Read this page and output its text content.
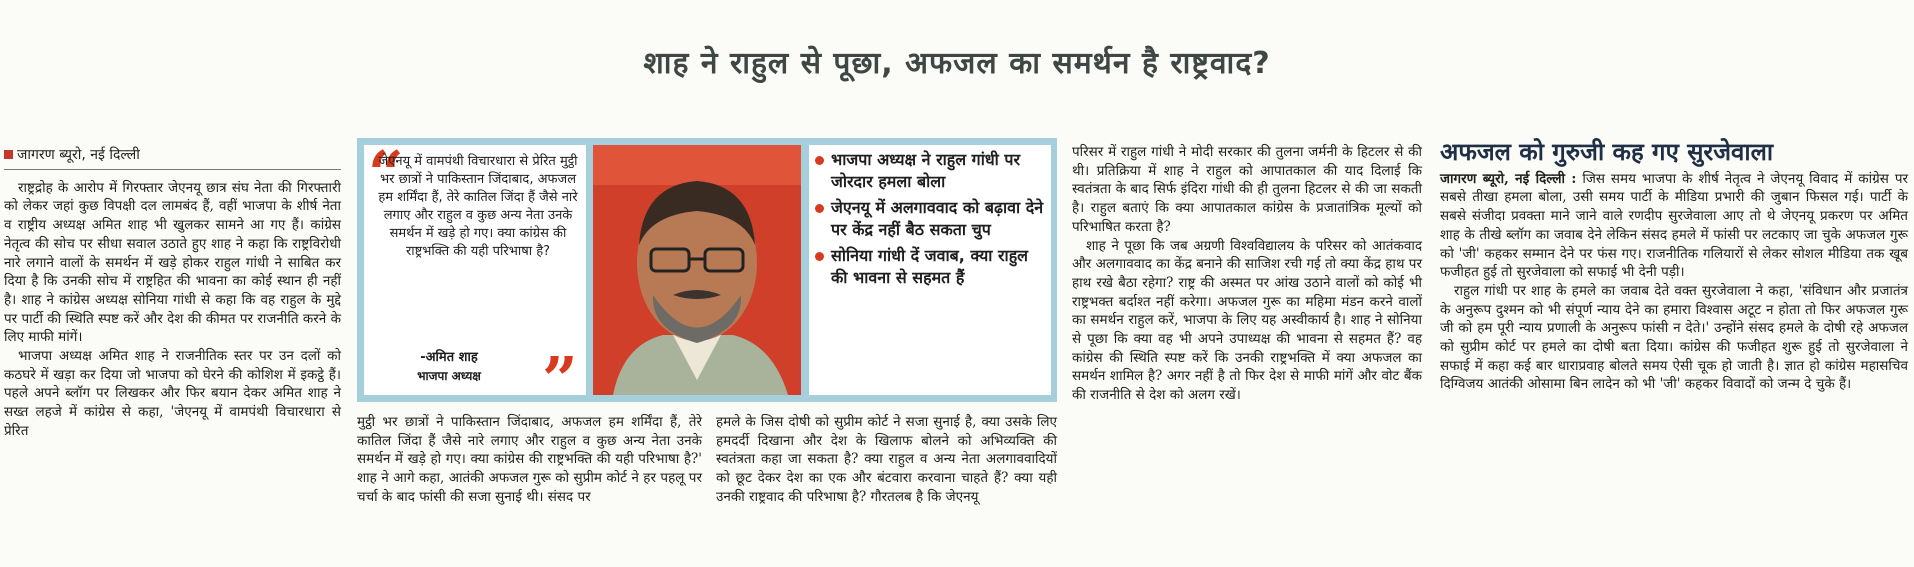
शाह ने राहुल से पूछा, अफजल का समर्थन है राष्ट्रवाद?
जागरण ब्यूरो, नई दिल्ली

राष्ट्रद्रोह के आरोप में गिरफ्तार जेएनयू छात्र संघ नेता की गिरफ्तारी को लेकर जहां कुछ विपक्षी दल लामबंद हैं, वहीं भाजपा के शीर्ष नेता व राष्ट्रीय अध्यक्ष अमित शाह भी खुलकर सामने आ गए हैं। कांग्रेस नेतृत्व की सोच पर सीधा सवाल उठाते हुए शाह ने कहा कि राष्ट्रविरोधी नारे लगाने वालों के समर्थन में खड़े होकर राहुल गांधी ने साबित कर दिया है कि उनकी सोच में राष्ट्रहित की भावना का कोई स्थान ही नहीं है। शाह ने कांग्रेस अध्यक्ष सोनिया गांधी से कहा कि वह राहुल के मुद्दे पर पार्टी की स्थिति स्पष्ट करें और देश की कीमत पर राजनीति करने के लिए माफी मांगें।

भाजपा अध्यक्ष अमित शाह ने राजनीतिक स्तर पर उन दलों को कठघरे में खड़ा कर दिया जो भाजपा को घेरने की कोशिश में इकट्ठे हैं। पहले अपने ब्लॉग पर लिखकर और फिर बयान देकर अमित शाह ने सख्त लहजे में कांग्रेस से कहा, 'जेएनयू में वामपंथी विचारधारा से प्रेरित

“
जेएनयू में वामपंथी विचारधारा से प्रेरित मुट्ठी भर छात्रों ने पाकिस्तान जिंदाबाद, अफजल हम शर्मिंदा हैं, तेरे कातिल जिंदा हैं जैसे नारे लगाए और राहुल व कुछ अन्य नेता उनके समर्थन में खड़े हो गए। क्या कांग्रेस की राष्ट्रभक्ति की यही परिभाषा है?
-अमित शाह
भाजपा अध्यक्ष ”
भाजपा अध्यक्ष ने राहुल गांधी पर जोरदार हमला बोला
जेएनयू में अलगाववाद को बढ़ावा देने पर केंद्र नहीं बैठ सकता चुप
सोनिया गांधी दें जवाब, क्या राहुल की भावना से सहमत हैं

मुट्ठी भर छात्रों ने पाकिस्तान जिंदाबाद, अफजल हम शर्मिंदा हैं, तेरे कातिल जिंदा हैं जैसे नारे लगाए और राहुल व कुछ अन्य नेता उनके समर्थन में खड़े हो गए। क्या कांग्रेस की राष्ट्रभक्ति की यही परिभाषा है?' शाह ने आगे कहा, आतंकी अफजल गुरू को सुप्रीम कोर्ट ने हर पहलू पर चर्चा के बाद फांसी की सजा सुनाई थी। संसद पर

हमले के जिस दोषी को सुप्रीम कोर्ट ने सजा सुनाई है, क्या उसके लिए हमदर्दी दिखाना और देश के खिलाफ बोलने को अभिव्यक्ति की स्वतंत्रता कहा जा सकता है? क्या राहुल व अन्य नेता अलगाववादियों को छूट देकर देश का एक और बंटवारा करवाना चाहते हैं? क्या यही उनकी राष्ट्रवाद की परिभाषा है? गौरतलब है कि जेएनयू

परिसर में राहुल गांधी ने मोदी सरकार की तुलना जर्मनी के हिटलर से की थी। प्रतिक्रिया में शाह ने राहुल को आपातकाल की याद दिलाई कि स्वतंत्रता के बाद सिर्फ इंदिरा गांधी की ही तुलना हिटलर से की जा सकती है। राहुल बताएं कि क्या आपातकाल कांग्रेस के प्रजातांत्रिक मूल्यों को परिभाषित करता है?

शाह ने पूछा कि जब अग्रणी विश्वविद्यालय के परिसर को आतंकवाद और अलगाववाद का केंद्र बनाने की साजिश रची गई तो क्या केंद्र हाथ पर हाथ रखे बैठा रहेगा? राष्ट्र की अस्मत पर आंख उठाने वालों को कोई भी राष्ट्रभक्त बर्दाश्त नहीं करेगा। अफजल गुरू का महिमा मंडन करने वालों का समर्थन राहुल करें, भाजपा के लिए यह अस्वीकार्य है। शाह ने सोनिया से पूछा कि क्या वह भी अपने उपाध्यक्ष की भावना से सहमत हैं? वह कांग्रेस की स्थिति स्पष्ट करें कि उनकी राष्ट्रभक्ति में क्या अफजल का समर्थन शामिल है? अगर नहीं है तो फिर देश से माफी मांगें और वोट बैंक की राजनीति से देश को अलग रखें।

अफजल को गुरुजी कह गए सुरजेवाला

जागरण ब्यूरो, नई दिल्ली : जिस समय भाजपा के शीर्ष नेतृत्व ने जेएनयू विवाद में कांग्रेस पर सबसे तीखा हमला बोला, उसी समय पार्टी के मीडिया प्रभारी की जुबान फिसल गई। पार्टी के सबसे संजीदा प्रवक्ता माने जाने वाले रणदीप सुरजेवाला आए तो थे जेएनयू प्रकरण पर अमित शाह के तीखे ब्लॉग का जवाब देने लेकिन संसद हमले में फांसी पर लटकाए जा चुके अफजल गुरू को 'जी' कहकर सम्मान देने पर फंस गए। राजनीतिक गलियारों से लेकर सोशल मीडिया तक खूब फजीहत हुई तो सुरजेवाला को सफाई भी देनी पड़ी।

राहुल गांधी पर शाह के हमले का जवाब देते वक्त सुरजेवाला ने कहा, 'संविधान और प्रजातंत्र के अनुरूप दुश्मन को भी संपूर्ण न्याय देने का हमारा विश्वास अटूट न होता तो फिर अफजल गुरू जी को हम पूरी न्याय प्रणाली के अनुरूप फांसी न देते।' उन्होंने संसद हमले के दोषी रहे अफजल को सुप्रीम कोर्ट पर हमले का दोषी बता दिया। कांग्रेस की फजीहत शुरू हुई तो सुरजेवाला ने सफाई में कहा कई बार धाराप्रवाह बोलते समय ऐसी चूक हो जाती है। ज्ञात हो कांग्रेस महासचिव दिग्विजय आतंकी ओसामा बिन लादेन को भी 'जी' कहकर विवादों को जन्म दे चुके हैं।
